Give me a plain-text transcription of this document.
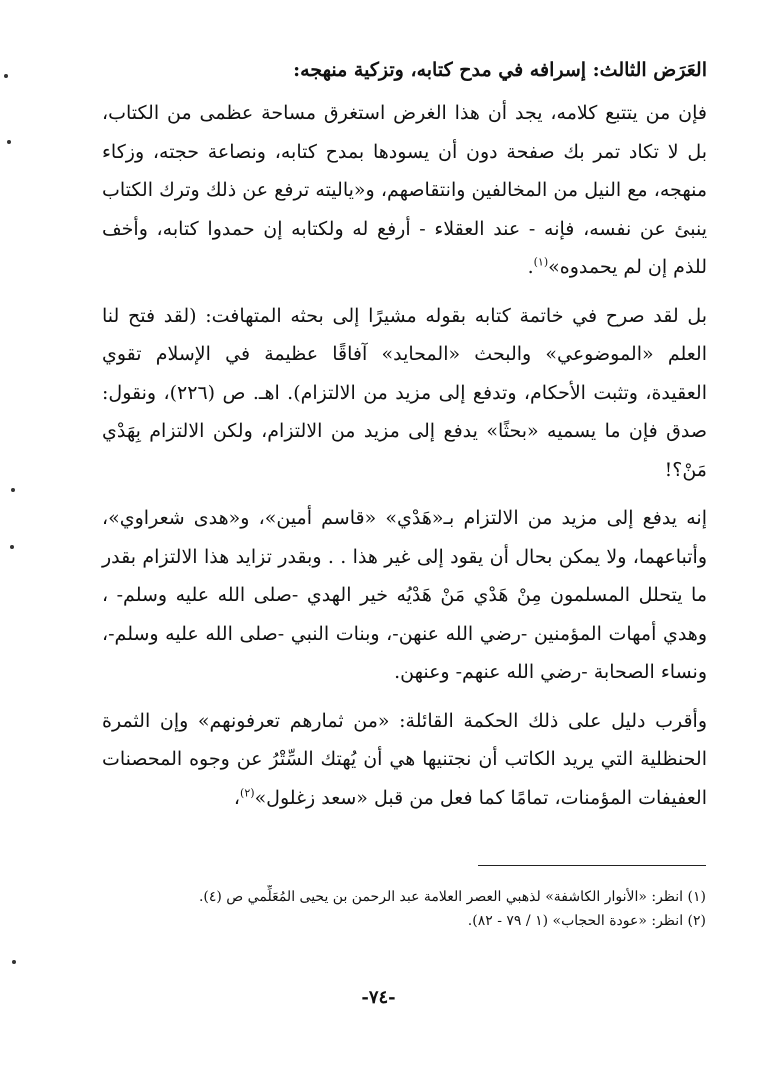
العَرَض الثالث: إسرافه في مدح كتابه، وتزكية منهجه:

فإن من يتتبع كلامه، يجد أن هذا الغرض استغرق مساحة عظمى من الكتاب، بل لا تكاد تمر بك صفحة دون أن يسودها بمدح كتابه، ونصاعة حجته، وزكاء منهجه، مع النيل من المخالفين وانتقاصهم، و«ياليته ترفع عن ذلك وترك الكتاب ينبئ عن نفسه، فإنه - عند العقلاء - أرفع له ولكتابه إن حمدوا كتابه، وأخف للذم إن لم يحمدوه»$^{(١)}$.

بل لقد صرح في خاتمة كتابه بقوله مشيرًا إلى بحثه المتهافت: (لقد فتح لنا العلم «الموضوعي» والبحث «المحايد» آفاقًا عظيمة في الإسلام تقوي العقيدة، وتثبت الأحكام، وتدفع إلى مزيد من الالتزام). اهـ. ص (٢٢٦)، ونقول: صدق فإن ما يسميه «بحثًا» يدفع إلى مزيد من الالتزام، ولكن الالتزام بِهَدْي مَنْ؟!

إنه يدفع إلى مزيد من الالتزام بـ«هَدْي» «قاسم أمين»، و«هدى شعراوي»، وأتباعهما، ولا يمكن بحال أن يقود إلى غير هذا . . وبقدر تزايد هذا الالتزام بقدر ما يتحلل المسلمون مِنْ هَدْي مَنْ هَدْيُه خير الهدي -صلى الله عليه وسلم- ، وهدي أمهات المؤمنين -رضي الله عنهن-، وبنات النبي -صلى الله عليه وسلم-، ونساء الصحابة -رضي الله عنهم- وعنهن.

وأقرب دليل على ذلك الحكمة القائلة: «من ثمارهم تعرفونهم» وإن الثمرة الحنظلية التي يريد الكاتب أن نجتنيها هي أن يُهتك السِّتْرُ عن وجوه المحصنات العفيفات المؤمنات، تمامًا كما فعل من قبل «سعد زغلول»$^{(٢)}$،

(١) انظر: «الأنوار الكاشفة» لذهبي العصر العلامة عبد الرحمن بن يحيى المُعَلِّمي ص (٤).

(٢) انظر: «عودة الحجاب» (١ / ٧٩ - ٨٢).

-٧٤-
